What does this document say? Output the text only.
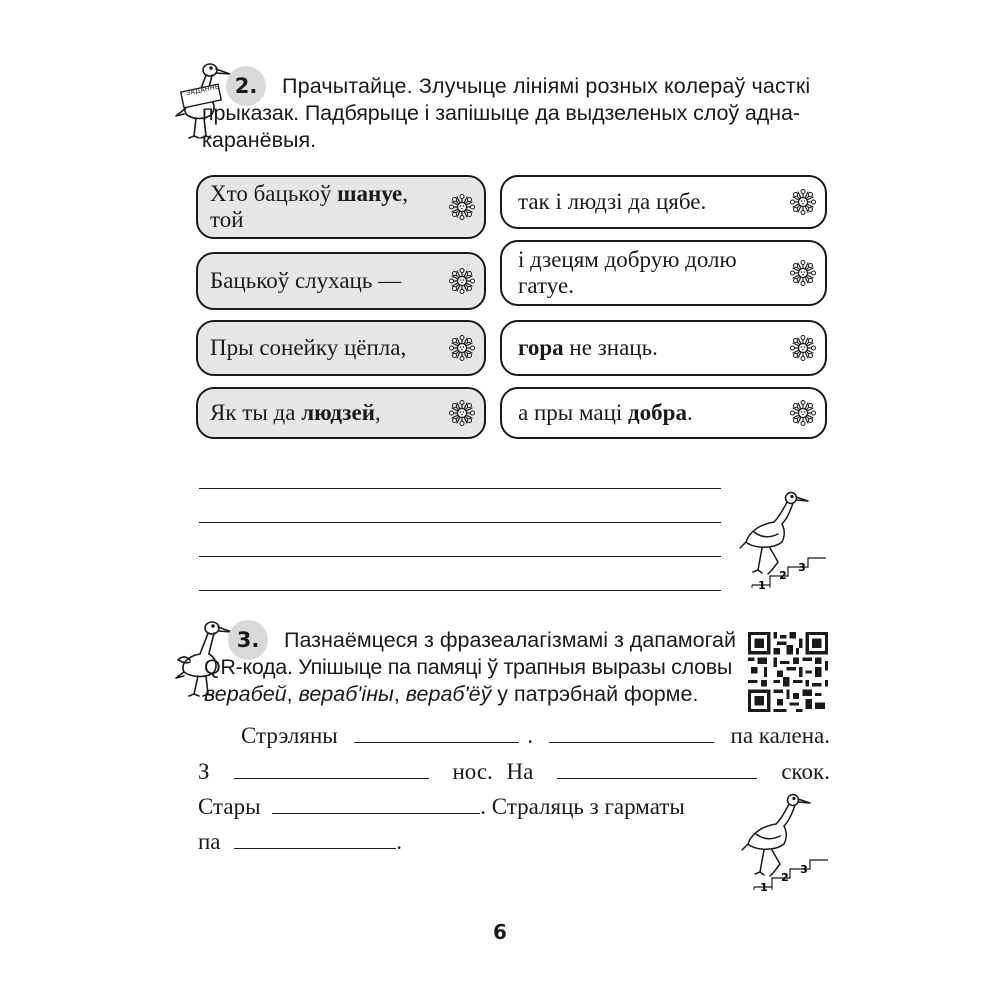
ЗАДАННЕ 2.	Прачытайце. Злучыце лініямі розных колераў часткі
прыказак. Падбярыце і запішыце да выдзеленых слоў адна-
каранёвыя.
Хто бацькоў шануе,
той
Бацькоў слухаць —
Пры сонейку цёпла,
Як ты да людзей,
так і людзі да цябе.
і дзецям добрую долю
гатуе.
гора не знаць.
а пры маці добра.
1
2
3
3.	Пазнаёмцеся з фразеалагізмамі з дапамогай
QR-кода. Упішыце па памяці ў трапныя выразы словы
верабей, вераб'іны, вераб'ёў у патрэбнай форме.
Стрэляны	.	па калена.
З	нос. На	скок.
Стары	. Страляць з гарматы
па	.
1
2
3
6
